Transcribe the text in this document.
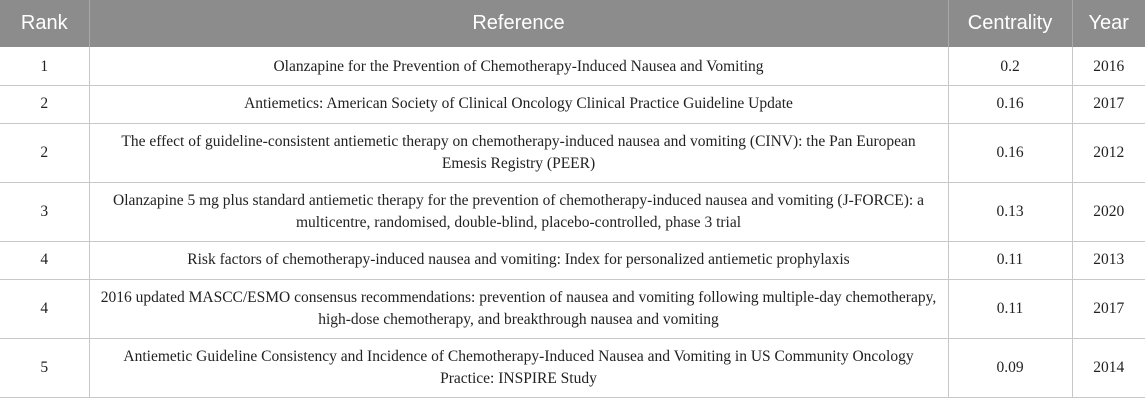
Rank	Reference	Centrality	Year
1	Olanzapine for the Prevention of Chemotherapy-Induced Nausea and Vomiting	0.2	2016
2	Antiemetics: American Society of Clinical Oncology Clinical Practice Guideline Update	0.16	2017
2	The effect of guideline-consistent antiemetic therapy on chemotherapy-induced nausea and vomiting (CINV): the Pan European Emesis Registry (PEER)	0.16	2012
3	Olanzapine 5 mg plus standard antiemetic therapy for the prevention of chemotherapy-induced nausea and vomiting (J-FORCE): a multicentre, randomised, double-blind, placebo-controlled, phase 3 trial	0.13	2020
4	Risk factors of chemotherapy-induced nausea and vomiting: Index for personalized antiemetic prophylaxis	0.11	2013
4	2016 updated MASCC/ESMO consensus recommendations: prevention of nausea and vomiting following multiple-day chemotherapy, high-dose chemotherapy, and breakthrough nausea and vomiting	0.11	2017
5	Antiemetic Guideline Consistency and Incidence of Chemotherapy-Induced Nausea and Vomiting in US Community Oncology Practice: INSPIRE Study	0.09	2014
